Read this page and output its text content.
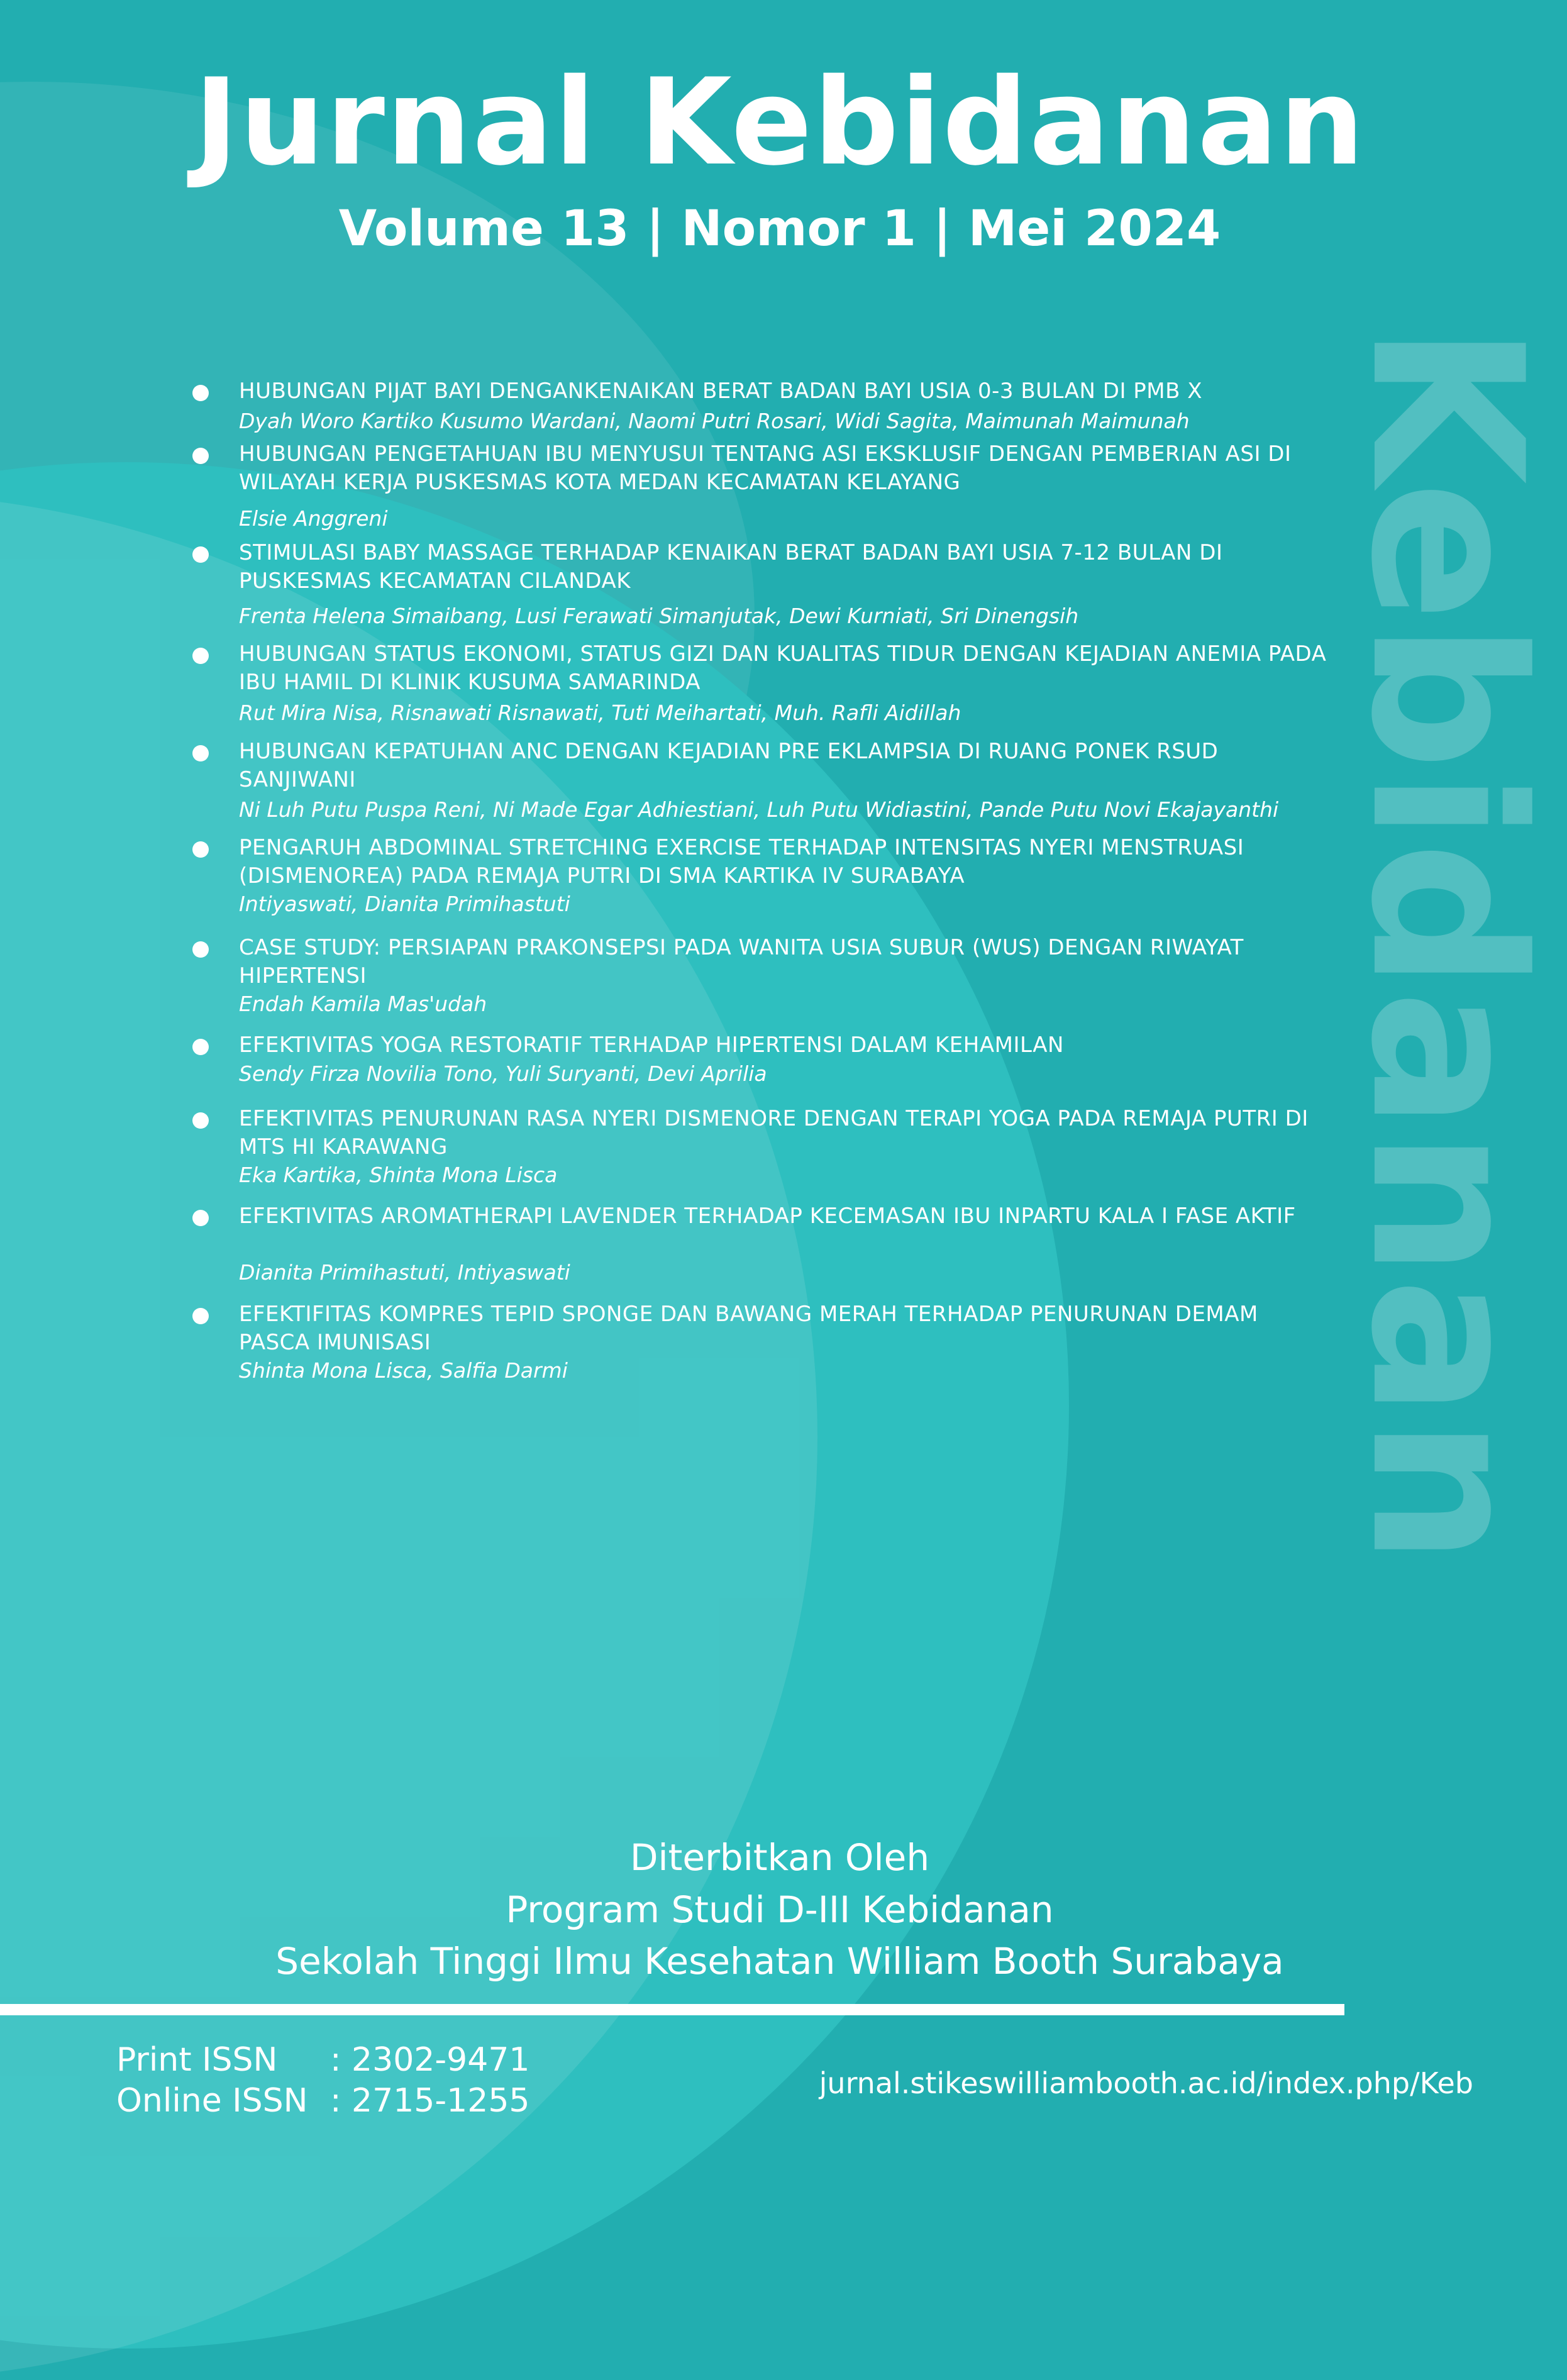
Jurnal Kebidanan
Volume 13 | Nomor 1 | Mei 2024
Kebidanan
HUBUNGAN PIJAT BAYI DENGANKENAIKAN BERAT BADAN BAYI USIA 0-3 BULAN DI PMB X
Dyah Woro Kartiko Kusumo Wardani, Naomi Putri Rosari, Widi Sagita, Maimunah Maimunah
HUBUNGAN PENGETAHUAN IBU MENYUSUI TENTANG ASI EKSKLUSIF DENGAN PEMBERIAN ASI DI WILAYAH KERJA PUSKESMAS KOTA MEDAN KECAMATAN KELAYANG
Elsie Anggreni
STIMULASI BABY MASSAGE TERHADAP KENAIKAN BERAT BADAN BAYI USIA 7-12 BULAN DI PUSKESMAS KECAMATAN CILANDAK
Frenta Helena Simaibang, Lusi Ferawati Simanjutak, Dewi Kurniati, Sri Dinengsih
HUBUNGAN STATUS EKONOMI, STATUS GIZI DAN KUALITAS TIDUR DENGAN KEJADIAN ANEMIA PADA IBU HAMIL DI KLINIK KUSUMA SAMARINDA
Rut Mira Nisa, Risnawati Risnawati, Tuti Meihartati, Muh. Rafli Aidillah
HUBUNGAN KEPATUHAN ANC DENGAN KEJADIAN PRE EKLAMPSIA DI RUANG PONEK RSUD SANJIWANI
Ni Luh Putu Puspa Reni, Ni Made Egar Adhiestiani, Luh Putu Widiastini, Pande Putu Novi Ekajayanthi
PENGARUH ABDOMINAL STRETCHING EXERCISE TERHADAP INTENSITAS NYERI MENSTRUASI (DISMENOREA) PADA REMAJA PUTRI DI SMA KARTIKA IV SURABAYA
Intiyaswati, Dianita Primihastuti
CASE STUDY: PERSIAPAN PRAKONSEPSI PADA WANITA USIA SUBUR (WUS) DENGAN RIWAYAT HIPERTENSI
Endah Kamila Mas'udah
EFEKTIVITAS YOGA RESTORATIF TERHADAP HIPERTENSI DALAM KEHAMILAN
Sendy Firza Novilia Tono, Yuli Suryanti, Devi Aprilia
EFEKTIVITAS PENURUNAN RASA NYERI DISMENORE DENGAN TERAPI YOGA PADA REMAJA PUTRI DI MTS HI KARAWANG
Eka Kartika, Shinta Mona Lisca
EFEKTIVITAS AROMATHERAPI LAVENDER TERHADAP KECEMASAN IBU INPARTU KALA I FASE AKTIF
Dianita Primihastuti, Intiyaswati
EFEKTIFITAS KOMPRES TEPID SPONGE DAN BAWANG MERAH TERHADAP PENURUNAN DEMAM PASCA IMUNISASI
Shinta Mona Lisca, Salfia Darmi
Diterbitkan Oleh
Program Studi D-III Kebidanan
Sekolah Tinggi Ilmu Kesehatan William Booth Surabaya
Print ISSN : 2302-9471
Online ISSN : 2715-1255	jurnal.stikeswilliambooth.ac.id/index.php/Keb
